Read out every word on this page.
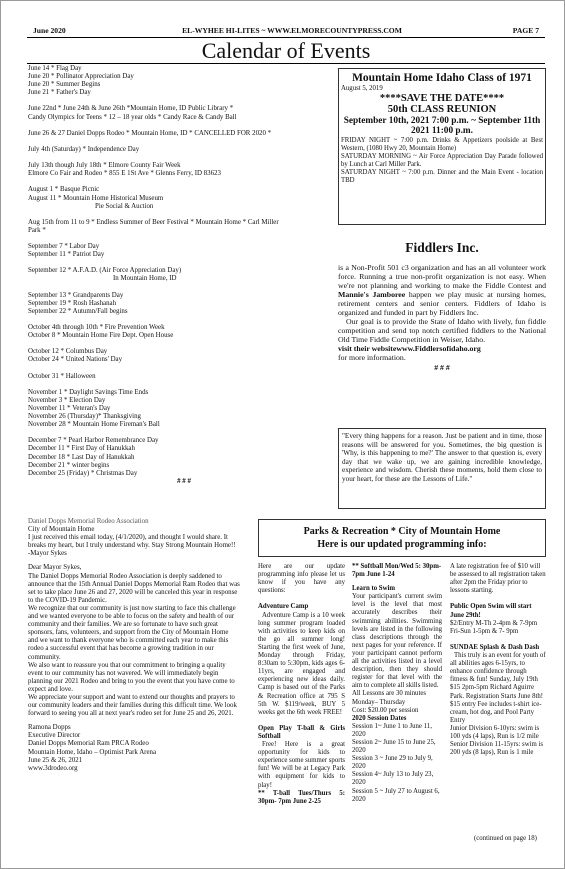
June 2020	EL-WYHEE HI-LITES ~ WWW.ELMORECOUNTYPRESS.COM	PAGE 7
Calendar of Events

June 14 * Flag Day

June 20 * Pollinator Appreciation Day

June 20 * Summer Begins

June 21 * Father's Day

June 22nd * June 24th & June 26th *Mountain Home, ID Public Library *

Candy Olympics for Teens * 12 – 18 year olds * Candy Race & Candy Ball

June 26 & 27 Daniel Dopps Rodeo * Mountain Home, ID * CANCELLED FOR 2020 *

July 4th (Saturday) * Independence Day

July 13th though July 18th * Elmore County Fair Week

Elmore Co Fair and Rodeo * 855 E 1St Ave * Glenns Ferry, ID 83623

August 1 * Basque Picnic

August 11 * Mountain Home Historical Museum

Pie Social & Auction

Aug 15th from 11 to 9 * Endless Summer of Beer Festival * Mountain Home * Carl Miller

Park *

September 7 * Labor Day

September 11 * Patriot Day

September 12 * A.F.A.D. (Air Force Appreciation Day)

In Mountain Home, ID

September 13 * Grandparents Day

September 19 * Rosh Hashanah

September 22 * Autumn/Fall begins

October 4th through 10th * Fire Prevention Week

October 8 * Mountain Home Fire Dept. Open House

October 12 * Columbus Day

October 24 * United Nations' Day

October 31 * Halloween

November 1 * Daylight Savings Time Ends

November 3 * Election Day

November 11 * Veteran's Day

November 26 (Thursday)* Thanksgiving

November 28 * Mountain Home Fireman's Ball

December 7 * Pearl Harbor Remembrance Day

December 11 * First Day of Hanukkah

December 18 * Last Day of Hanukkah

December 21 * winter begins

December 25 (Friday) * Christmas Day

# # #

Daniel Dopps Memorial Rodeo Association

City of Mountain Home

I just received this email today, (4/1/2020), and thought I would share. It breaks my heart, but I truly understand why. Stay Strong Mountain Home!!

-Mayor Sykes

Dear Mayor Sykes,

The Daniel Dopps Memorial Rodeo Association is deeply saddened to announce that the 15th Annual Daniel Dopps Memorial Ram Rodeo that was set to take place June 26 and 27, 2020 will be canceled this year in response to the COVID-19 Pandemic.

We recognize that our community is just now starting to face this challenge and we wanted everyone to be able to focus on the safety and health of our community and their families. We are so fortunate to have such great sponsors, fans, volunteers, and support from the City of Mountain Home and we want to thank everyone who is committed each year to make this rodeo a successful event that has become a growing tradition in our community.

We also want to reassure you that our commitment to bringing a quality event to our community has not wavered. We will immediately begin planning our 2021 Rodeo and bring to you the event that you have come to expect and love.

We appreciate your support and want to extend our thoughts and prayers to our community leaders and their families during this difficult time. We look forward to seeing you all at next year's rodeo set for June 25 and 26, 2021.

Ramona Dopps

Executive Director

Daniel Dopps Memorial Ram PRCA Rodeo

Mountain Home, Idaho – Optimist Park Arena

June 25 & 26, 2021

www.3drodeo.org

Mountain Home Idaho Class of 1971

August 5, 2019

****SAVE THE DATE****

50th CLASS REUNION

September 10th, 2021 7:00 p.m. ~ September 11th 2021 11:00 p.m.

FRIDAY NIGHT ~ 7:00 p.m. Drinks & Appetizers poolside at Best Western, (1080 Hwy 20, Mountain Home)

SATURDAY MORNING ~ Air Force Appreciation Day Parade followed by Lunch at Carl Miller Park.

SATURDAY NIGHT ~ 7:00 p.m. Dinner and the Main Event - location TBD

Fiddlers Inc.

is a Non-Profit 501 c3 organization and has an all volunteer work force. Running a true non-profit organization is not easy. When we're not planning and working to make the Fiddle Contest and Mannie's Jamboree happen we play music at nursing homes, retirement centers and senior centers. Fiddlers of Idaho is organized and funded in part by Fiddlers Inc.

Our goal is to provide the State of Idaho with lively, fun fiddle competition and send top notch certified fiddlers to the National Old Time Fiddle Competition in Weiser, Idaho.

visit their websitewww.Fiddlersofidaho.org

for more information.

# # #

"Every thing happens for a reason. Just be patient and in time, those reasons will be answered for you. Sometimes, the big question is 'Why, is this happening to me?' The answer to that question is, every day that we wake up, we are gaining incredible knowledge, experience and wisdom. Cherish these moments, hold them close to your heart, for these are the Lessons of Life."

Parks & Recreation * City of Mountain Home

Here is our updated programming info:

Here are our update programming info please let us know if you have any questions:

Adventure Camp

Adventure Camp is a 10 week long summer program loaded with activities to keep kids on the go all summer long! Starting the first week of June, Monday through Friday, 8:30am to 5:30pm, kids ages 6-11yrs, are engaged and experiencing new ideas daily. Camp is based out of the Parks & Recreation office at 795 S 5th W. $119/week, BUY 5 weeks get the 6th week FREE!

Open Play T-ball & Girls Softball

Free! Here is a great opportunity for kids to experience some summer sports fun! We will be at Legacy Park with equipment for kids to play!

** T-ball Tues/Thurs 5: 30pm- 7pm June 2-25

** Softball Mon/Wed 5: 30pm-7pm June 1-24

Learn to Swim

Your participant's current swim level is the level that most accurately describes their swimming abilities. Swimming levels are listed in the following class descriptions through the next pages for your reference. If your participant cannot perform all the activities listed in a level description, then they should register for that level with the aim to complete all skills listed.

All Lessons are 30 minutes Monday– Thursday

Cost: $20.00 per session

2020 Session Dates

Session 1~ June 1 to June 11, 2020

Session 2~ June 15 to June 25, 2020

Session 3 ~ June 29 to July 9, 2020

Session 4~ July 13 to July 23, 2020

Session 5 ~ July 27 to August 6, 2020

A late registration fee of $10 will be assessed to all registration taken after 2pm the Friday prior to lessons starting.

Public Open Swim will start June 29th!

$2/Entry M-Th 2-4pm & 7-9pm Fri-Sun 1-5pm & 7- 9pm

SUNDAE Splash & Dash Dash

This truly is an event for youth of all abilities ages 6-15yrs, to enhance confidence through fitness & fun! Sunday, July 19th $15 2pm-5pm Richard Aguirre Park. Registration Starts June 8th! $15 entry Fee includes t-shirt ice-cream, hot dog, and Pool Party Entry

Junior Division 6-10yrs: swim is 100 yds (4 laps), Run is 1/2 mile

Senior Division 11-15yrs: swim is 200 yds (8 laps), Run is 1 mile

(continued on page 18)
